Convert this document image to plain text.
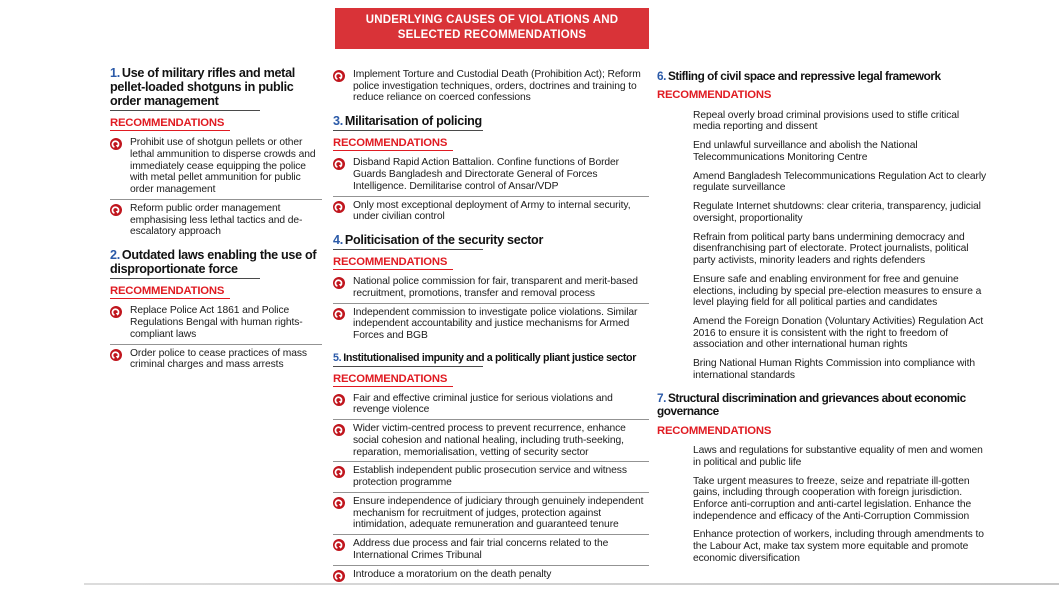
UNDERLYING CAUSES OF VIOLATIONS AND
SELECTED RECOMMENDATIONS
1. Use of military rifles and metal pellet-loaded shotguns in public order management
RECOMMENDATIONS
Prohibit use of shotgun pellets or other lethal ammunition to disperse crowds and immediately cease equipping the police with metal pellet ammunition for public order management
Reform public order management emphasising less lethal tactics and de-escalatory approach
2. Outdated laws enabling the use of disproportionate force
RECOMMENDATIONS
Replace Police Act 1861 and Police Regulations Bengal with human rights-compliant laws
Order police to cease practices of mass criminal charges and mass arrests
Implement Torture and Custodial Death (Prohibition Act); Reform police investigation techniques, orders, doctrines and training to reduce reliance on coerced confessions
3. Militarisation of policing
RECOMMENDATIONS
Disband Rapid Action Battalion. Confine functions of Border Guards Bangladesh and Directorate General of Forces Intelligence. Demilitarise control of Ansar/VDP
Only most exceptional deployment of Army to internal security, under civilian control
4. Politicisation of the security sector
RECOMMENDATIONS
National police commission for fair, transparent and merit-based recruitment, promotions, transfer and removal process
Independent commission to investigate police violations. Similar independent accountability and justice mechanisms for Armed Forces and BGB
5. Institutionalised impunity and a politically pliant justice sector
RECOMMENDATIONS
Fair and effective criminal justice for serious violations and revenge violence
Wider victim-centred process to prevent recurrence, enhance social cohesion and national healing, including truth-seeking, reparation, memorialisation, vetting of security sector
Establish independent public prosecution service and witness protection programme
Ensure independence of judiciary through genuinely independent mechanism for recruitment of judges, protection against intimidation, adequate remuneration and guaranteed tenure
Address due process and fair trial concerns related to the International Crimes Tribunal
Introduce a moratorium on the death penalty
6. Stifling of civil space and repressive legal framework
RECOMMENDATIONS
Repeal overly broad criminal provisions used to stifle critical media reporting and dissent
End unlawful surveillance and abolish the National Telecommunications Monitoring Centre
Amend Bangladesh Telecommunications Regulation Act to clearly regulate surveillance
Regulate Internet shutdowns: clear criteria, transparency, judicial oversight, proportionality
Refrain from political party bans undermining democracy and disenfranchising part of electorate. Protect journalists, political party activists, minority leaders and rights defenders
Ensure safe and enabling environment for free and genuine elections, including by special pre-election measures to ensure a level playing field for all political parties and candidates
Amend the Foreign Donation (Voluntary Activities) Regulation Act 2016 to ensure it is consistent with the right to freedom of association and other international human rights
Bring National Human Rights Commission into compliance with international standards
7. Structural discrimination and grievances about economic governance
RECOMMENDATIONS
Laws and regulations for substantive equality of men and women in political and public life
Take urgent measures to freeze, seize and repatriate ill-gotten gains, including through cooperation with foreign jurisdiction. Enforce anti-corruption and anti-cartel legislation. Enhance the independence and efficacy of the Anti-Corruption Commission
Enhance protection of workers, including through amendments to the Labour Act, make tax system more equitable and promote economic diversification
